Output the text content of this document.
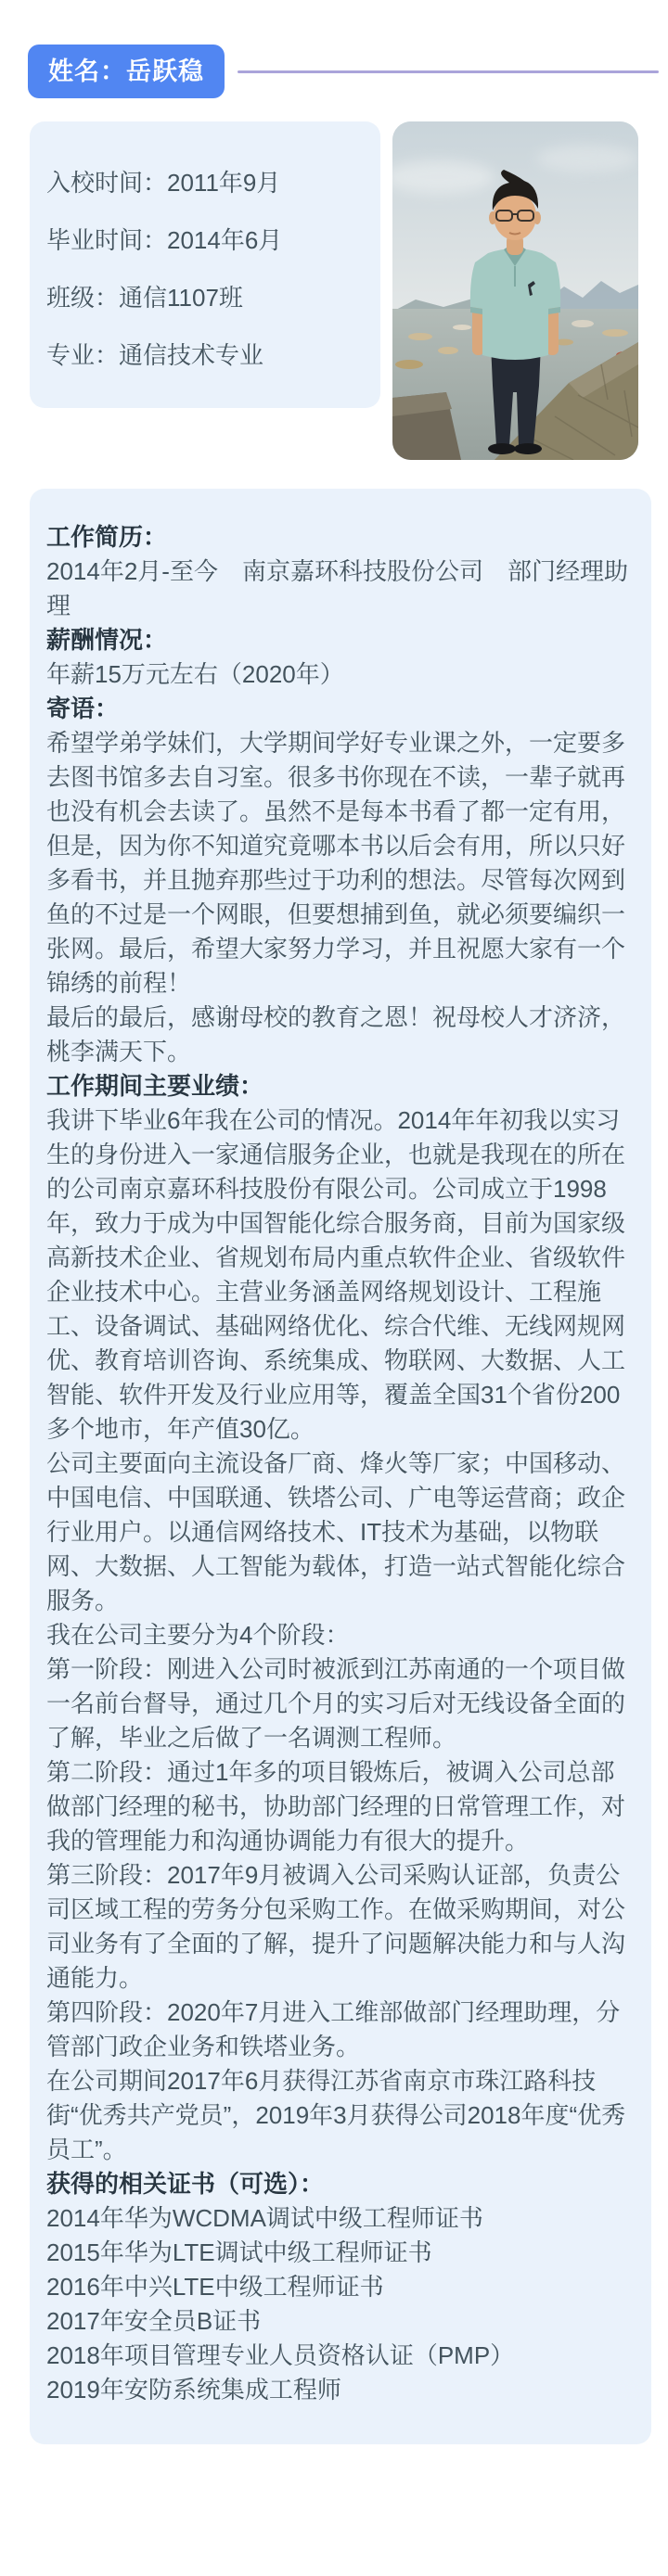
姓名：岳跃稳

入校时间：2011年9月

毕业时间：2014年6月

班级：通信1107班

专业：通信技术专业

工作简历：

2014年2月-至今　南京嘉环科技股份公司　部门经理助理

薪酬情况：

年薪15万元左右（2020年）

寄语：

希望学弟学妹们，大学期间学好专业课之外，一定要多去图书馆多去自习室。很多书你现在不读，一辈子就再也没有机会去读了。虽然不是每本书看了都一定有用，但是，因为你不知道究竟哪本书以后会有用，所以只好多看书，并且抛弃那些过于功利的想法。尽管每次网到鱼的不过是一个网眼，但要想捕到鱼，就必须要编织一张网。最后，希望大家努力学习，并且祝愿大家有一个锦绣的前程！

最后的最后，感谢母校的教育之恩！祝母校人才济济，桃李满天下。

工作期间主要业绩：

我讲下毕业6年我在公司的情况。2014年年初我以实习生的身份进入一家通信服务企业，也就是我现在的所在的公司南京嘉环科技股份有限公司。公司成立于1998年，致力于成为中国智能化综合服务商，目前为国家级高新技术企业、省规划布局内重点软件企业、省级软件企业技术中心。主营业务涵盖网络规划设计、工程施工、设备调试、基础网络优化、综合代维、无线网规网优、教育培训咨询、系统集成、物联网、大数据、人工智能、软件开发及行业应用等，覆盖全国31个省份200多个地市，年产值30亿。

公司主要面向主流设备厂商、烽火等厂家；中国移动、中国电信、中国联通、铁塔公司、广电等运营商；政企行业用户。以通信网络技术、IT技术为基础，以物联网、大数据、人工智能为载体，打造一站式智能化综合服务。

我在公司主要分为4个阶段：

第一阶段：刚进入公司时被派到江苏南通的一个项目做一名前台督导，通过几个月的实习后对无线设备全面的了解，毕业之后做了一名调测工程师。

第二阶段：通过1年多的项目锻炼后，被调入公司总部做部门经理的秘书，协助部门经理的日常管理工作，对我的管理能力和沟通协调能力有很大的提升。

第三阶段：2017年9月被调入公司采购认证部，负责公司区域工程的劳务分包采购工作。在做采购期间，对公司业务有了全面的了解，提升了问题解决能力和与人沟通能力。

第四阶段：2020年7月进入工维部做部门经理助理，分管部门政企业务和铁塔业务。

在公司期间2017年6月获得江苏省南京市珠江路科技街“优秀共产党员”，2019年3月获得公司2018年度“优秀员工”。

获得的相关证书（可选）：

2014年华为WCDMA调试中级工程师证书

2015年华为LTE调试中级工程师证书

2016年中兴LTE中级工程师证书

2017年安全员B证书

2018年项目管理专业人员资格认证（PMP）

2019年安防系统集成工程师
